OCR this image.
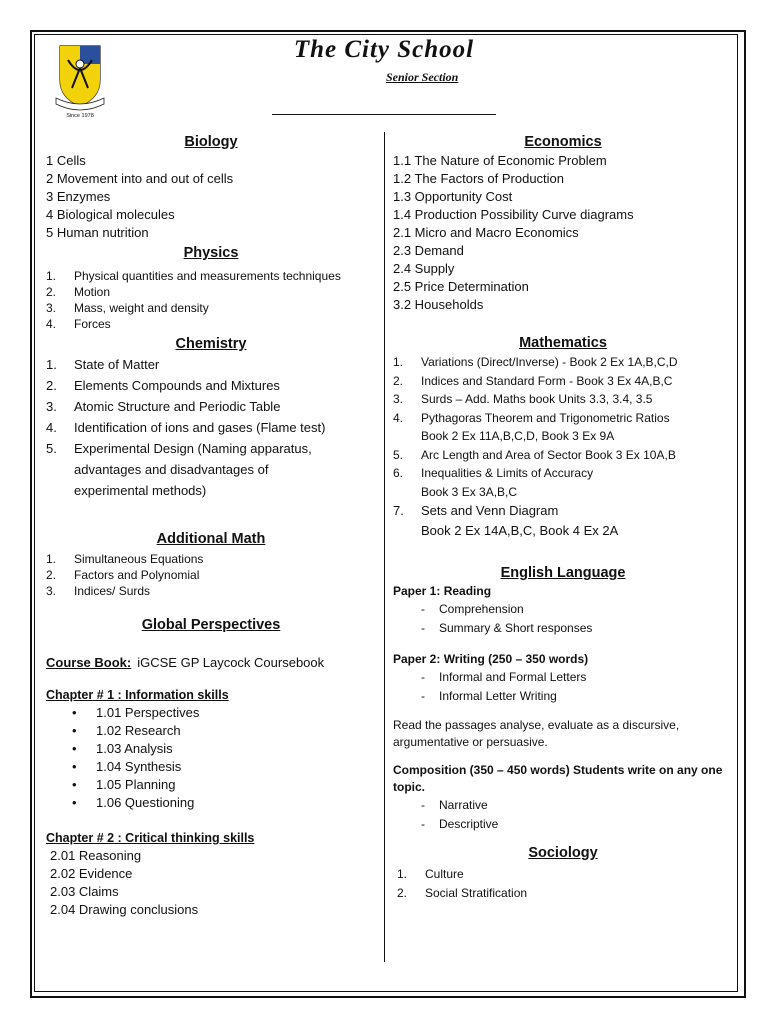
Since 1978
The City School
Senior Section
Biology
1 Cells
2 Movement into and out of cells
3 Enzymes
4 Biological molecules
5 Human nutrition
Physics
1. Physical quantities and measurements techniques
2. Motion
3. Mass, weight and density
4. Forces
Chemistry
1. State of Matter
2. Elements Compounds and Mixtures
3. Atomic Structure and Periodic Table
4. Identification of ions and gases (Flame test)
5. Experimental Design (Naming apparatus, advantages and disadvantages of experimental methods)
Additional Math
1. Simultaneous Equations
2. Factors and Polynomial
3. Indices/ Surds
Global Perspectives
Course Book: iGCSE GP Laycock Coursebook
Chapter # 1 : Information skills
• 1.01 Perspectives
• 1.02 Research
• 1.03 Analysis
• 1.04 Synthesis
• 1.05 Planning
• 1.06 Questioning
Chapter # 2 : Critical thinking skills
2.01 Reasoning
2.02 Evidence
2.03 Claims
2.04 Drawing conclusions
Economics
1.1 The Nature of Economic Problem
1.2 The Factors of Production
1.3 Opportunity Cost
1.4 Production Possibility Curve diagrams
2.1 Micro and Macro Economics
2.3 Demand
2.4 Supply
2.5 Price Determination
3.2 Households
Mathematics
1. Variations (Direct/Inverse) - Book 2 Ex 1A,B,C,D
2. Indices and Standard Form - Book 3 Ex 4A,B,C
3. Surds – Add. Maths book Units 3.3, 3.4, 3.5
4. Pythagoras Theorem and Trigonometric Ratios
Book 2 Ex 11A,B,C,D, Book 3 Ex 9A
5. Arc Length and Area of Sector Book 3 Ex 10A,B
6. Inequalities & Limits of Accuracy
Book 3 Ex 3A,B,C
7. Sets and Venn Diagram
Book 2 Ex 14A,B,C, Book 4 Ex 2A
English Language
Paper 1: Reading
- Comprehension
- Summary & Short responses
Paper 2: Writing (250 – 350 words)
- Informal and Formal Letters
- Informal Letter Writing
Read the passages analyse, evaluate as a discursive, argumentative or persuasive.
Composition (350 – 450 words) Students write on any one topic.
- Narrative
- Descriptive
Sociology
1. Culture
2. Social Stratification
